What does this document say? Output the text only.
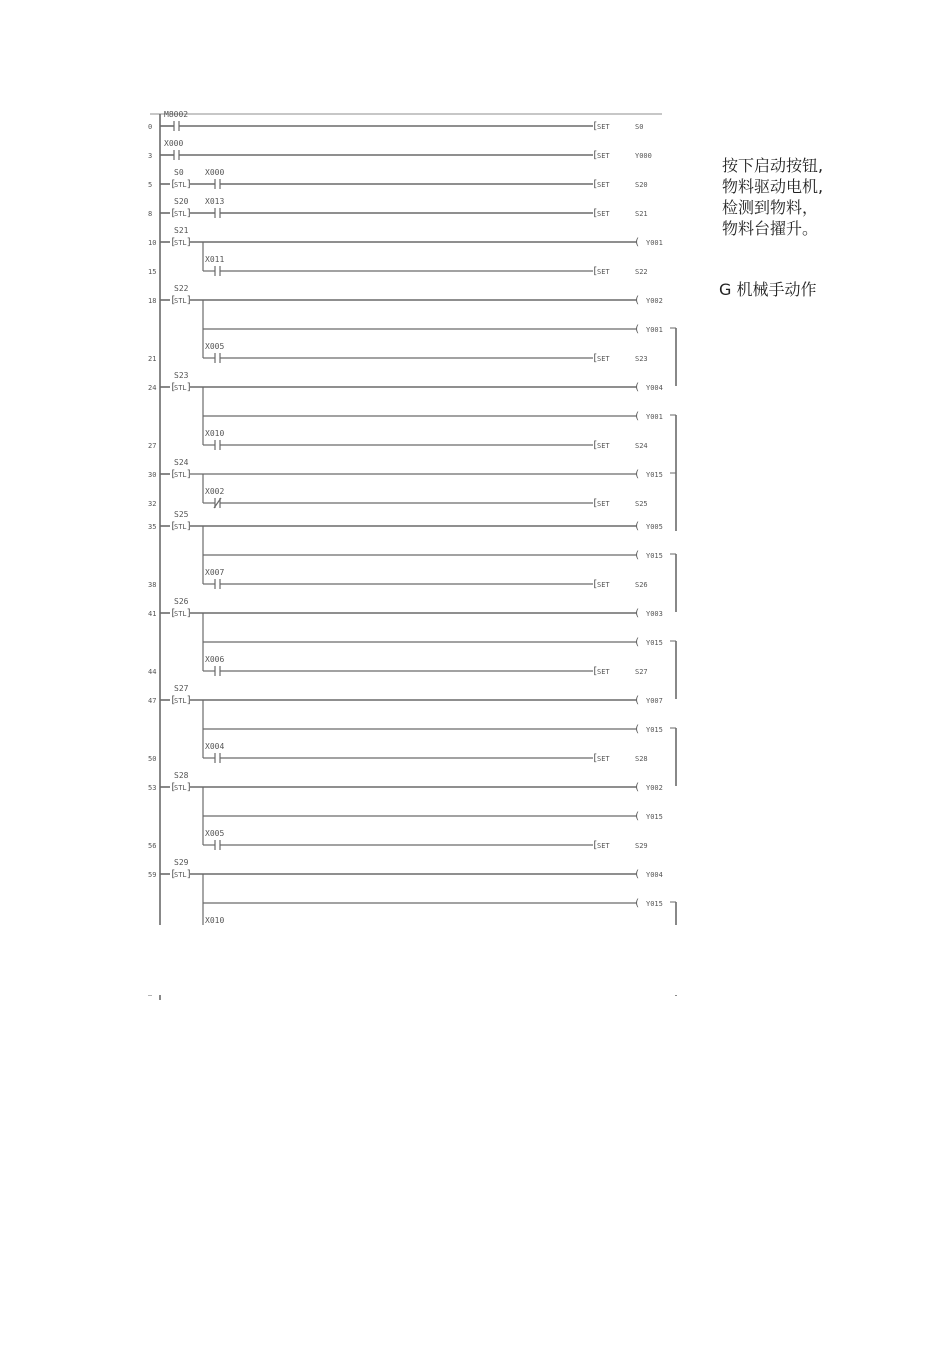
0
M8002
[
SET	S0
3
X000
[
SET	Y000
5 [
STL ]
S0	X000
[
SET	S20
8 [
STL ]
S20 X013
[
SET	S21
10 [
STL ]
S21
( Y001
15
X011
[
SET	S22
18 [
STL ]
S22
( Y002
( Y001
21
X005
[
SET	S23
24 [
STL ]
S23
( Y004
( Y001
27
X010
[
SET	S24
30 [
STL ]
S24
( Y015
32
X002
[
SET	S25
35 [
STL ]
S25
( Y005
( Y015
38
X007
[
SET	S26
41 [
STL ]
S26
( Y003
( Y015
44
X006
[
SET	S27
47 [
STL ]
S27
( Y007
( Y015
50
X004
[
SET	S28
53 [
STL ]
S28
( Y002
( Y015
56
X005
[
SET	S29
59 [
STL ]
S29
( Y004
( Y015
X010
按下启动按钮,
物料驱动电机,
检测到物料，
物料台擢升。
G 机械手动作
